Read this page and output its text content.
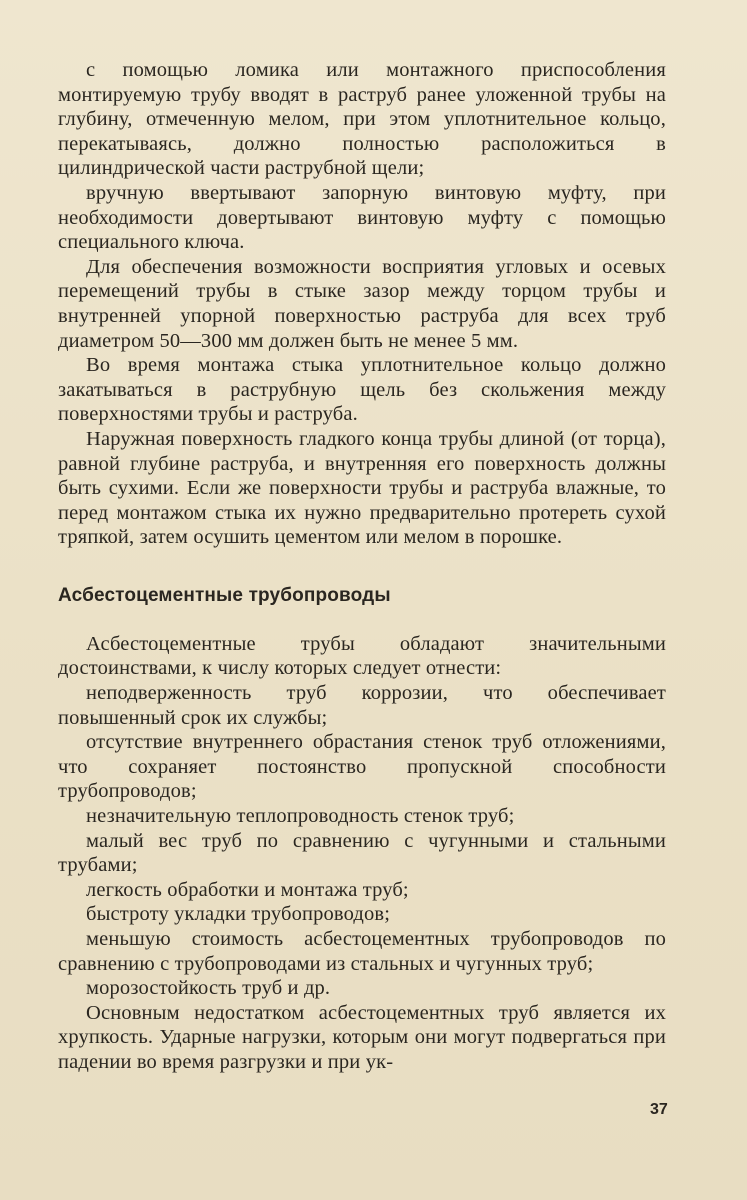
с помощью ломика или монтажного приспособления монтируемую трубу вводят в раструб ранее уложенной трубы на глубину, отмеченную мелом, при этом уплотнительное кольцо, перекатываясь, должно полностью расположиться в цилиндрической части раструбной щели;

вручную ввертывают запорную винтовую муфту, при необходимости довертывают винтовую муфту с помощью специального ключа.

Для обеспечения возможности восприятия угловых и осевых перемещений трубы в стыке зазор между торцом трубы и внутренней упорной поверхностью раструба для всех труб диаметром 50—300 мм должен быть не менее 5 мм.

Во время монтажа стыка уплотнительное кольцо должно закатываться в раструбную щель без скольжения между поверхностями трубы и раструба.

Наружная поверхность гладкого конца трубы длиной (от торца), равной глубине раструба, и внутренняя его поверхность должны быть сухими. Если же поверхности трубы и раструба влажные, то перед монтажом стыка их нужно предварительно протереть сухой тряпкой, затем осушить цементом или мелом в порошке.

Асбестоцементные трубопроводы

Асбестоцементные трубы обладают значительными достоинствами, к числу которых следует отнести:

неподверженность труб коррозии, что обеспечивает повышенный срок их службы;

отсутствие внутреннего обрастания стенок труб отложениями, что сохраняет постоянство пропускной способности трубопроводов;

незначительную теплопроводность стенок труб;

малый вес труб по сравнению с чугунными и стальными трубами;

легкость обработки и монтажа труб;

быстроту укладки трубопроводов;

меньшую стоимость асбестоцементных трубопроводов по сравнению с трубопроводами из стальных и чугунных труб;

морозостойкость труб и др.

Основным недостатком асбестоцементных труб является их хрупкость. Ударные нагрузки, которым они могут подвергаться при падении во время разгрузки и при ук-

37
